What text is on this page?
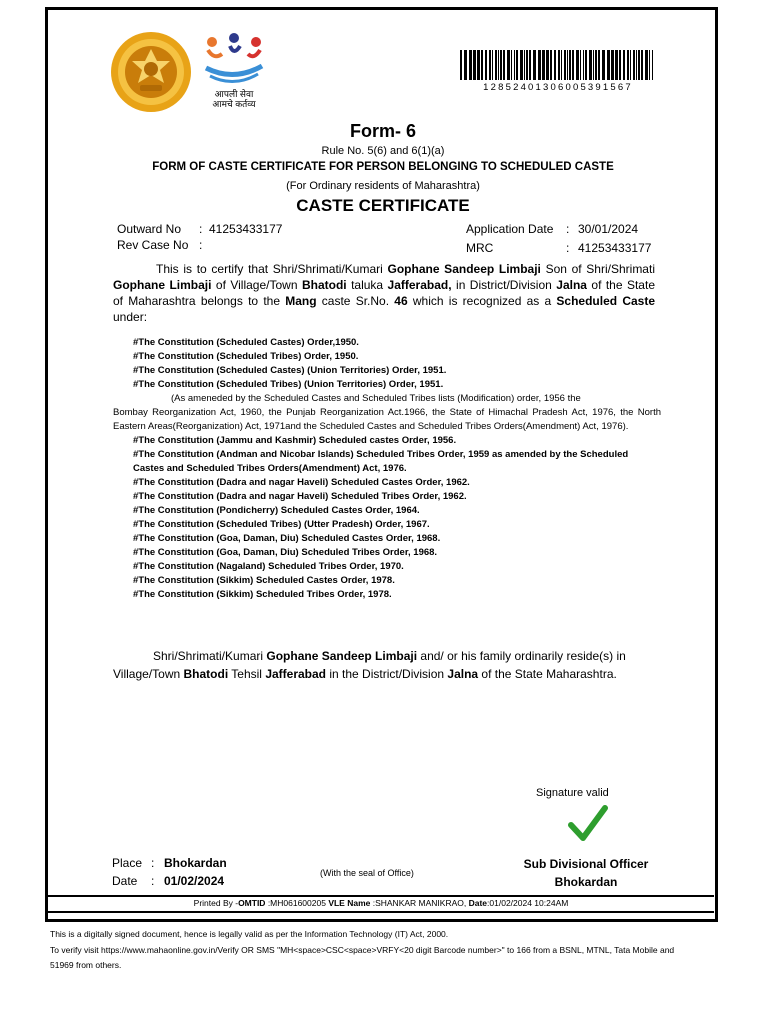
आपली सेवा
आमचे कर्तव्य
12852401306005391567
Form- 6
Rule No. 5(6) and 6(1)(a)
FORM OF CASTE CERTIFICATE FOR PERSON BELONGING TO SCHEDULED CASTE
(For Ordinary residents of Maharashtra)
CASTE CERTIFICATE
Outward No : 41253433177
Rev Case No :
Application Date : 30/01/2024
MRC	: 41253433177
This is to certify that Shri/Shrimati/Kumari Gophane Sandeep Limbaji Son of Shri/Shrimati Gophane Limbaji of Village/Town Bhatodi taluka Jafferabad, in District/Division Jalna of the State of Maharashtra belongs to the Mang caste Sr.No. 46 which is recognized as a Scheduled Caste under:
#The Constitution (Scheduled Castes) Order,1950.
#The Constitution (Scheduled Tribes) Order, 1950.
#The Constitution (Scheduled Castes) (Union Territories) Order, 1951.
#The Constitution (Scheduled Tribes) (Union Territories) Order, 1951.
(As ameneded by the Scheduled Castes and Scheduled Tribes lists (Modification) order, 1956 the
Bombay Reorganization Act, 1960, the Punjab Reorganization Act.1966, the State of Himachal Pradesh Act, 1976, the North Eastern Areas(Reorganization) Act, 1971and the Scheduled Castes and Scheduled Tribes Orders(Amendment) Act, 1976).
#The Constitution (Jammu and Kashmir) Scheduled castes Order, 1956.
#The Constitution (Andman and Nicobar Islands) Scheduled Tribes Order, 1959 as amended by the Scheduled Castes and Scheduled Tribes Orders(Amendment) Act, 1976.
#The Constitution (Dadra and nagar Haveli) Scheduled Castes Order, 1962.
#The Constitution (Dadra and nagar Haveli) Scheduled Tribes Order, 1962.
#The Constitution (Pondicherry) Scheduled Castes Order, 1964.
#The Constitution (Scheduled Tribes) (Utter Pradesh) Order, 1967.
#The Constitution (Goa, Daman, Diu) Scheduled Castes Order, 1968.
#The Constitution (Goa, Daman, Diu) Scheduled Tribes Order, 1968.
#The Constitution (Nagaland) Scheduled Tribes Order, 1970.
#The Constitution (Sikkim) Scheduled Castes Order, 1978.
#The Constitution (Sikkim) Scheduled Tribes Order, 1978.
Shri/Shrimati/Kumari Gophane Sandeep Limbaji and/ or his family ordinarily reside(s) in Village/Town Bhatodi Tehsil Jafferabad in the District/Division Jalna of the State Maharashtra.
Signature valid
Place : Bhokardan
Date : 01/02/2024
(With the seal of Office)
Sub Divisional Officer
Bhokardan
Printed By -OMTID :MH061600205 VLE Name :SHANKAR MANIKRAO, Date:01/02/2024 10:24AM
This is a digitally signed document, hence is legally valid as per the Information Technology (IT) Act, 2000.
To verify visit https://www.mahaonline.gov.in/Verify OR SMS "MH<space>CSC<space>VRFY<20 digit Barcode number>" to 166 from a BSNL, MTNL, Tata Mobile and
51969 from others.
